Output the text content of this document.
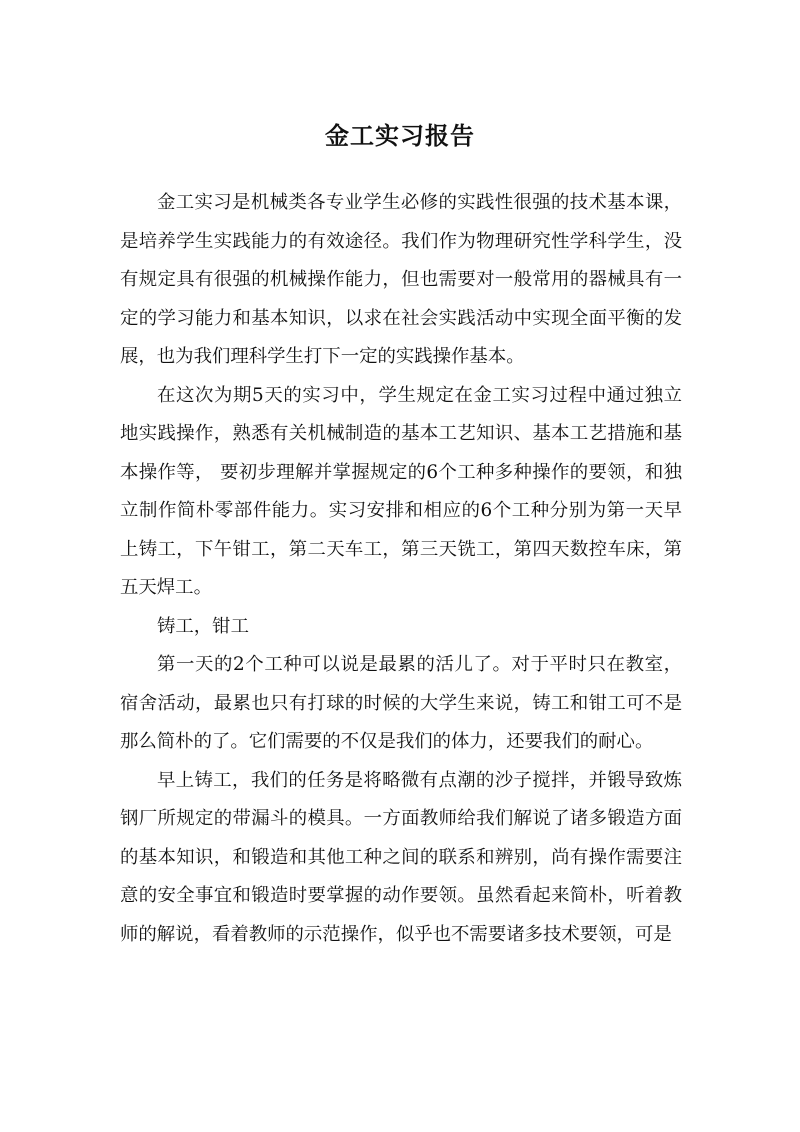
金工实习报告

金工实习是机械类各专业学生必修的实践性很强的技术基本课，是培养学生实践能力的有效途径。我们作为物理研究性学科学生，没有规定具有很强的机械操作能力，但也需要对一般常用的器械具有一定的学习能力和基本知识，以求在社会实践活动中实现全面平衡的发展，也为我们理科学生打下一定的实践操作基本。

在这次为期5天的实习中，学生规定在金工实习过程中通过独立地实践操作，熟悉有关机械制造的基本工艺知识、基本工艺措施和基本操作等， 要初步理解并掌握规定的6个工种多种操作的要领，和独立制作简朴零部件能力。实习安排和相应的6个工种分别为第一天早上铸工，下午钳工，第二天车工，第三天铣工，第四天数控车床，第五天焊工。

铸工，钳工

第一天的2个工种可以说是最累的活儿了。对于平时只在教室，宿舍活动，最累也只有打球的时候的大学生来说，铸工和钳工可不是那么简朴的了。它们需要的不仅是我们的体力，还要我们的耐心。

早上铸工，我们的任务是将略微有点潮的沙子搅拌，并锻导致炼钢厂所规定的带漏斗的模具。一方面教师给我们解说了诸多锻造方面的基本知识，和锻造和其他工种之间的联系和辨别，尚有操作需要注意的安全事宜和锻造时要掌握的动作要领。虽然看起来简朴，听着教师的解说，看着教师的示范操作，似乎也不需要诸多技术要领，可是
